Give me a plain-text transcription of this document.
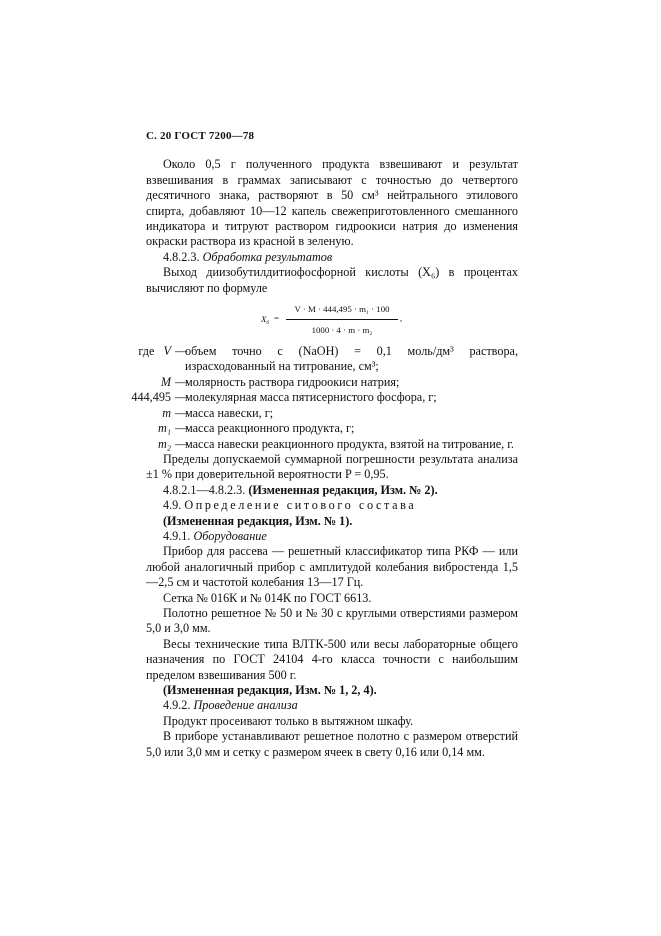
С. 20 ГОСТ 7200—78

Около 0,5 г полученного продукта взвешивают и результат взвешивания в граммах записывают с точностью до четвертого десятичного знака, растворяют в 50 см³ нейтрального этилового спирта, добавляют 10—12 капель свежеприготовленного смешанного индикатора и титруют раствором гидроокиси натрия до изменения окраски раствора из красной в зеленую.

4.8.2.3. Обработка результатов

Выход диизобутилдитиофосфорной кислоты (X₆) в процентах вычисляют по формуле

$X_6 = \frac{\text{V · M · 444,495 · m₁ · 100}}{\text{1000 · 4 · m · m₂}}$ ,
где V —
объем точно c (NaOH) = 0,1 моль/дм³ раствора, израсходованный на титрование, см³;
M —
молярность раствора гидроокиси натрия;
444,495 —
молекулярная масса пятисернистого фосфора, г;
m —
масса навески, г;
m₁ —
масса реакционного продукта, г;
m₂ —
масса навески реакционного продукта, взятой на титрование, г.

Пределы допускаемой суммарной погрешности результата анализа ±1 % при доверительной вероятности P = 0,95.

4.8.2.1—4.8.2.3. (Измененная редакция, Изм. № 2).

4.9. Определение ситового состава

(Измененная редакция, Изм. № 1).

4.9.1. Оборудование

Прибор для рассева — решетный классификатор типа РКФ — или любой аналогичный прибор с амплитудой колебания вибростенда 1,5—2,5 см и частотой колебания 13—17 Гц.

Сетка № 016К и № 014К по ГОСТ 6613.

Полотно решетное № 50 и № 30 с круглыми отверстиями размером 5,0 и 3,0 мм.

Весы технические типа ВЛТК-500 или весы лабораторные общего назначения по ГОСТ 24104 4-го класса точности с наибольшим пределом взвешивания 500 г.

(Измененная редакция, Изм. № 1, 2, 4).

4.9.2. Проведение анализа

Продукт просеивают только в вытяжном шкафу.

В приборе устанавливают решетное полотно с размером отверстий 5,0 или 3,0 мм и сетку с размером ячеек в свету 0,16 или 0,14 мм.
